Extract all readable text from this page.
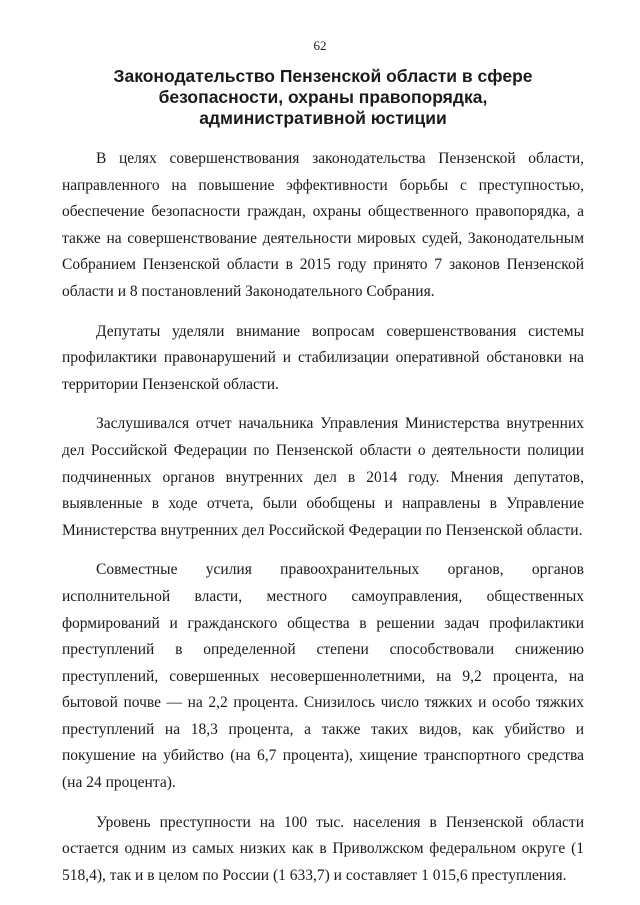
62
Законодательство Пензенской области в сфере
безопасности, охраны правопорядка,
административной юстиции

В целях совершенствования законодательства Пензенской области, направленного на повышение эффективности борьбы с преступностью, обеспечение безопасности граждан, охраны общественного правопорядка, а также на совершенствование деятельности мировых судей, Законодательным Собранием Пензенской области в 2015 году принято 7 законов Пензенской области и 8 постановлений Законодательного Собрания.

Депутаты уделяли внимание вопросам совершенствования системы профилактики правонарушений и стабилизации оперативной обстановки на территории Пензенской области.

Заслушивался отчет начальника Управления Министерства внутренних дел Российской Федерации по Пензенской области о деятельности полиции подчиненных органов внутренних дел в 2014 году. Мнения депутатов, выявленные в ходе отчета, были обобщены и направлены в Управление Министерства внутренних дел Российской Федерации по Пензенской области.

Совместные усилия правоохранительных органов, органов исполнительной власти, местного самоуправления, общественных формирований и гражданского общества в решении задач профилактики преступлений в определенной степени способствовали снижению преступлений, совершенных несовершеннолетними, на 9,2 процента, на бытовой почве — на 2,2 процента. Снизилось число тяжких и особо тяжких преступлений на 18,3 процента, а также таких видов, как убийство и покушение на убийство (на 6,7 процента), хищение транспортного средства (на 24 процента).

Уровень преступности на 100 тыс. населения в Пензенской области остается одним из самых низких как в Приволжском федеральном округе (1 518,4), так и в целом по России (1 633,7) и составляет 1 015,6 преступления.
